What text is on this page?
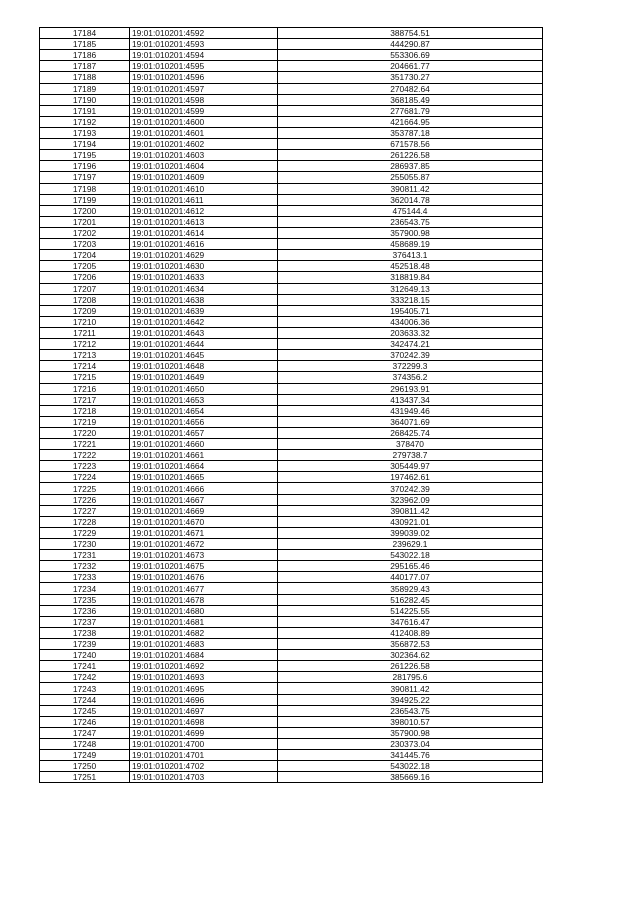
17184	19:01:010201:4592	388754.51
17185	19:01:010201:4593	444290.87
17186	19:01:010201:4594	553306.69
17187	19:01:010201:4595	204661.77
17188	19:01:010201:4596	351730.27
17189	19:01:010201:4597	270482.64
17190	19:01:010201:4598	368185.49
17191	19:01:010201:4599	277681.79
17192	19:01:010201:4600	421664.95
17193	19:01:010201:4601	353787.18
17194	19:01:010201:4602	671578.56
17195	19:01:010201:4603	261226.58
17196	19:01:010201:4604	286937.85
17197	19:01:010201:4609	255055.87
17198	19:01:010201:4610	390811.42
17199	19:01:010201:4611	362014.78
17200	19:01:010201:4612	475144.4
17201	19:01:010201:4613	236543.75
17202	19:01:010201:4614	357900.98
17203	19:01:010201:4616	458689.19
17204	19:01:010201:4629	376413.1
17205	19:01:010201:4630	452518.48
17206	19:01:010201:4633	318819.84
17207	19:01:010201:4634	312649.13
17208	19:01:010201:4638	333218.15
17209	19:01:010201:4639	195405.71
17210	19:01:010201:4642	434006.36
17211	19:01:010201:4643	203633.32
17212	19:01:010201:4644	342474.21
17213	19:01:010201:4645	370242.39
17214	19:01:010201:4648	372299.3
17215	19:01:010201:4649	374356.2
17216	19:01:010201:4650	296193.91
17217	19:01:010201:4653	413437.34
17218	19:01:010201:4654	431949.46
17219	19:01:010201:4656	364071.69
17220	19:01:010201:4657	268425.74
17221	19:01:010201:4660	378470
17222	19:01:010201:4661	279738.7
17223	19:01:010201:4664	305449.97
17224	19:01:010201:4665	197462.61
17225	19:01:010201:4666	370242.39
17226	19:01:010201:4667	323962.09
17227	19:01:010201:4669	390811.42
17228	19:01:010201:4670	430921.01
17229	19:01:010201:4671	399039.02
17230	19:01:010201:4672	239629.1
17231	19:01:010201:4673	543022.18
17232	19:01:010201:4675	295165.46
17233	19:01:010201:4676	440177.07
17234	19:01:010201:4677	358929.43
17235	19:01:010201:4678	516282.45
17236	19:01:010201:4680	514225.55
17237	19:01:010201:4681	347616.47
17238	19:01:010201:4682	412408.89
17239	19:01:010201:4683	356872.53
17240	19:01:010201:4684	302364.62
17241	19:01:010201:4692	261226.58
17242	19:01:010201:4693	281795.6
17243	19:01:010201:4695	390811.42
17244	19:01:010201:4696	394925.22
17245	19:01:010201:4697	236543.75
17246	19:01:010201:4698	398010.57
17247	19:01:010201:4699	357900.98
17248	19:01:010201:4700	230373.04
17249	19:01:010201:4701	341445.76
17250	19:01:010201:4702	543022.18
17251	19:01:010201:4703	385669.16
